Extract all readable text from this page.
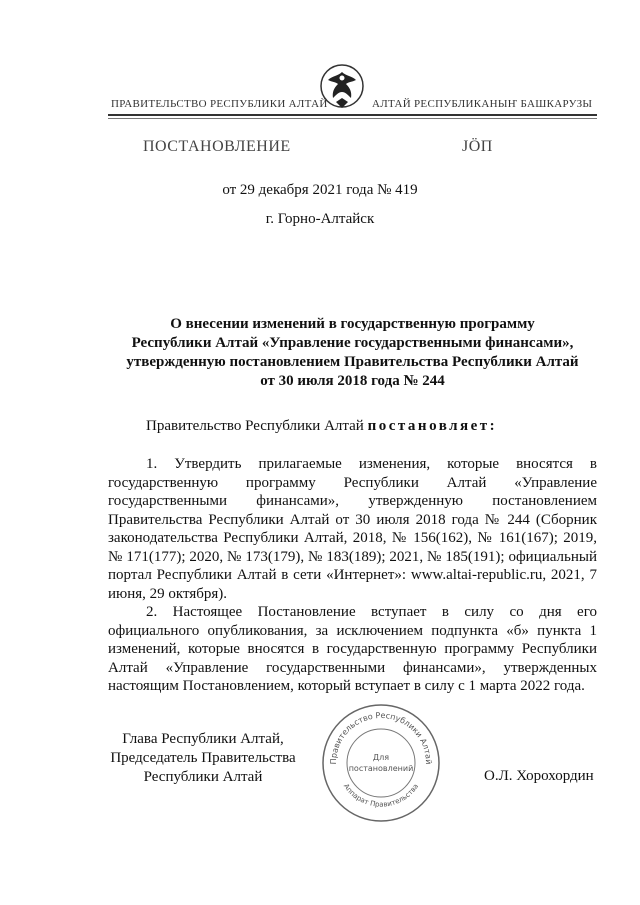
ПРАВИТЕЛЬСТВО РЕСПУБЛИКИ АЛТАЙ	АЛТАЙ РЕСПУБЛИКАНЫҤ БАШКАРУЗЫ
ПОСТАНОВЛЕНИЕ	ЈӦП
от 29 декабря 2021 года № 419
г. Горно-Алтайск
О внесении изменений в государственную программу
Республики Алтай «Управление государственными финансами»,
утвержденную постановлением Правительства Республики Алтай
от 30 июля 2018 года № 244
Правительство Республики Алтай постановляет:

1. Утвердить прилагаемые изменения, которые вносятся в государственную программу Республики Алтай «Управление государственными финансами», утвержденную постановлением Правительства Республики Алтай от 30 июля 2018 года № 244 (Сборник законодательства Республики Алтай, 2018, № 156(162), № 161(167); 2019, № 171(177); 2020, № 173(179), № 183(189); 2021, № 185(191); официальный портал Республики Алтай в сети «Интернет»: www.altai-republic.ru, 2021, 7 июня, 29 октября).

2. Настоящее Постановление вступает в силу со дня его официального опубликования, за исключением подпункта «б» пункта 1 изменений, которые вносятся в государственную программу Республики Алтай «Управление государственными финансами», утвержденных настоящим Постановлением, который вступает в силу с 1 марта 2022 года.

Глава Республики Алтай,
Председатель Правительства
Республики Алтай
Правительство Республики Алтай
Аппарат Правительства
Для
постановлений	О.Л. Хорохордин
